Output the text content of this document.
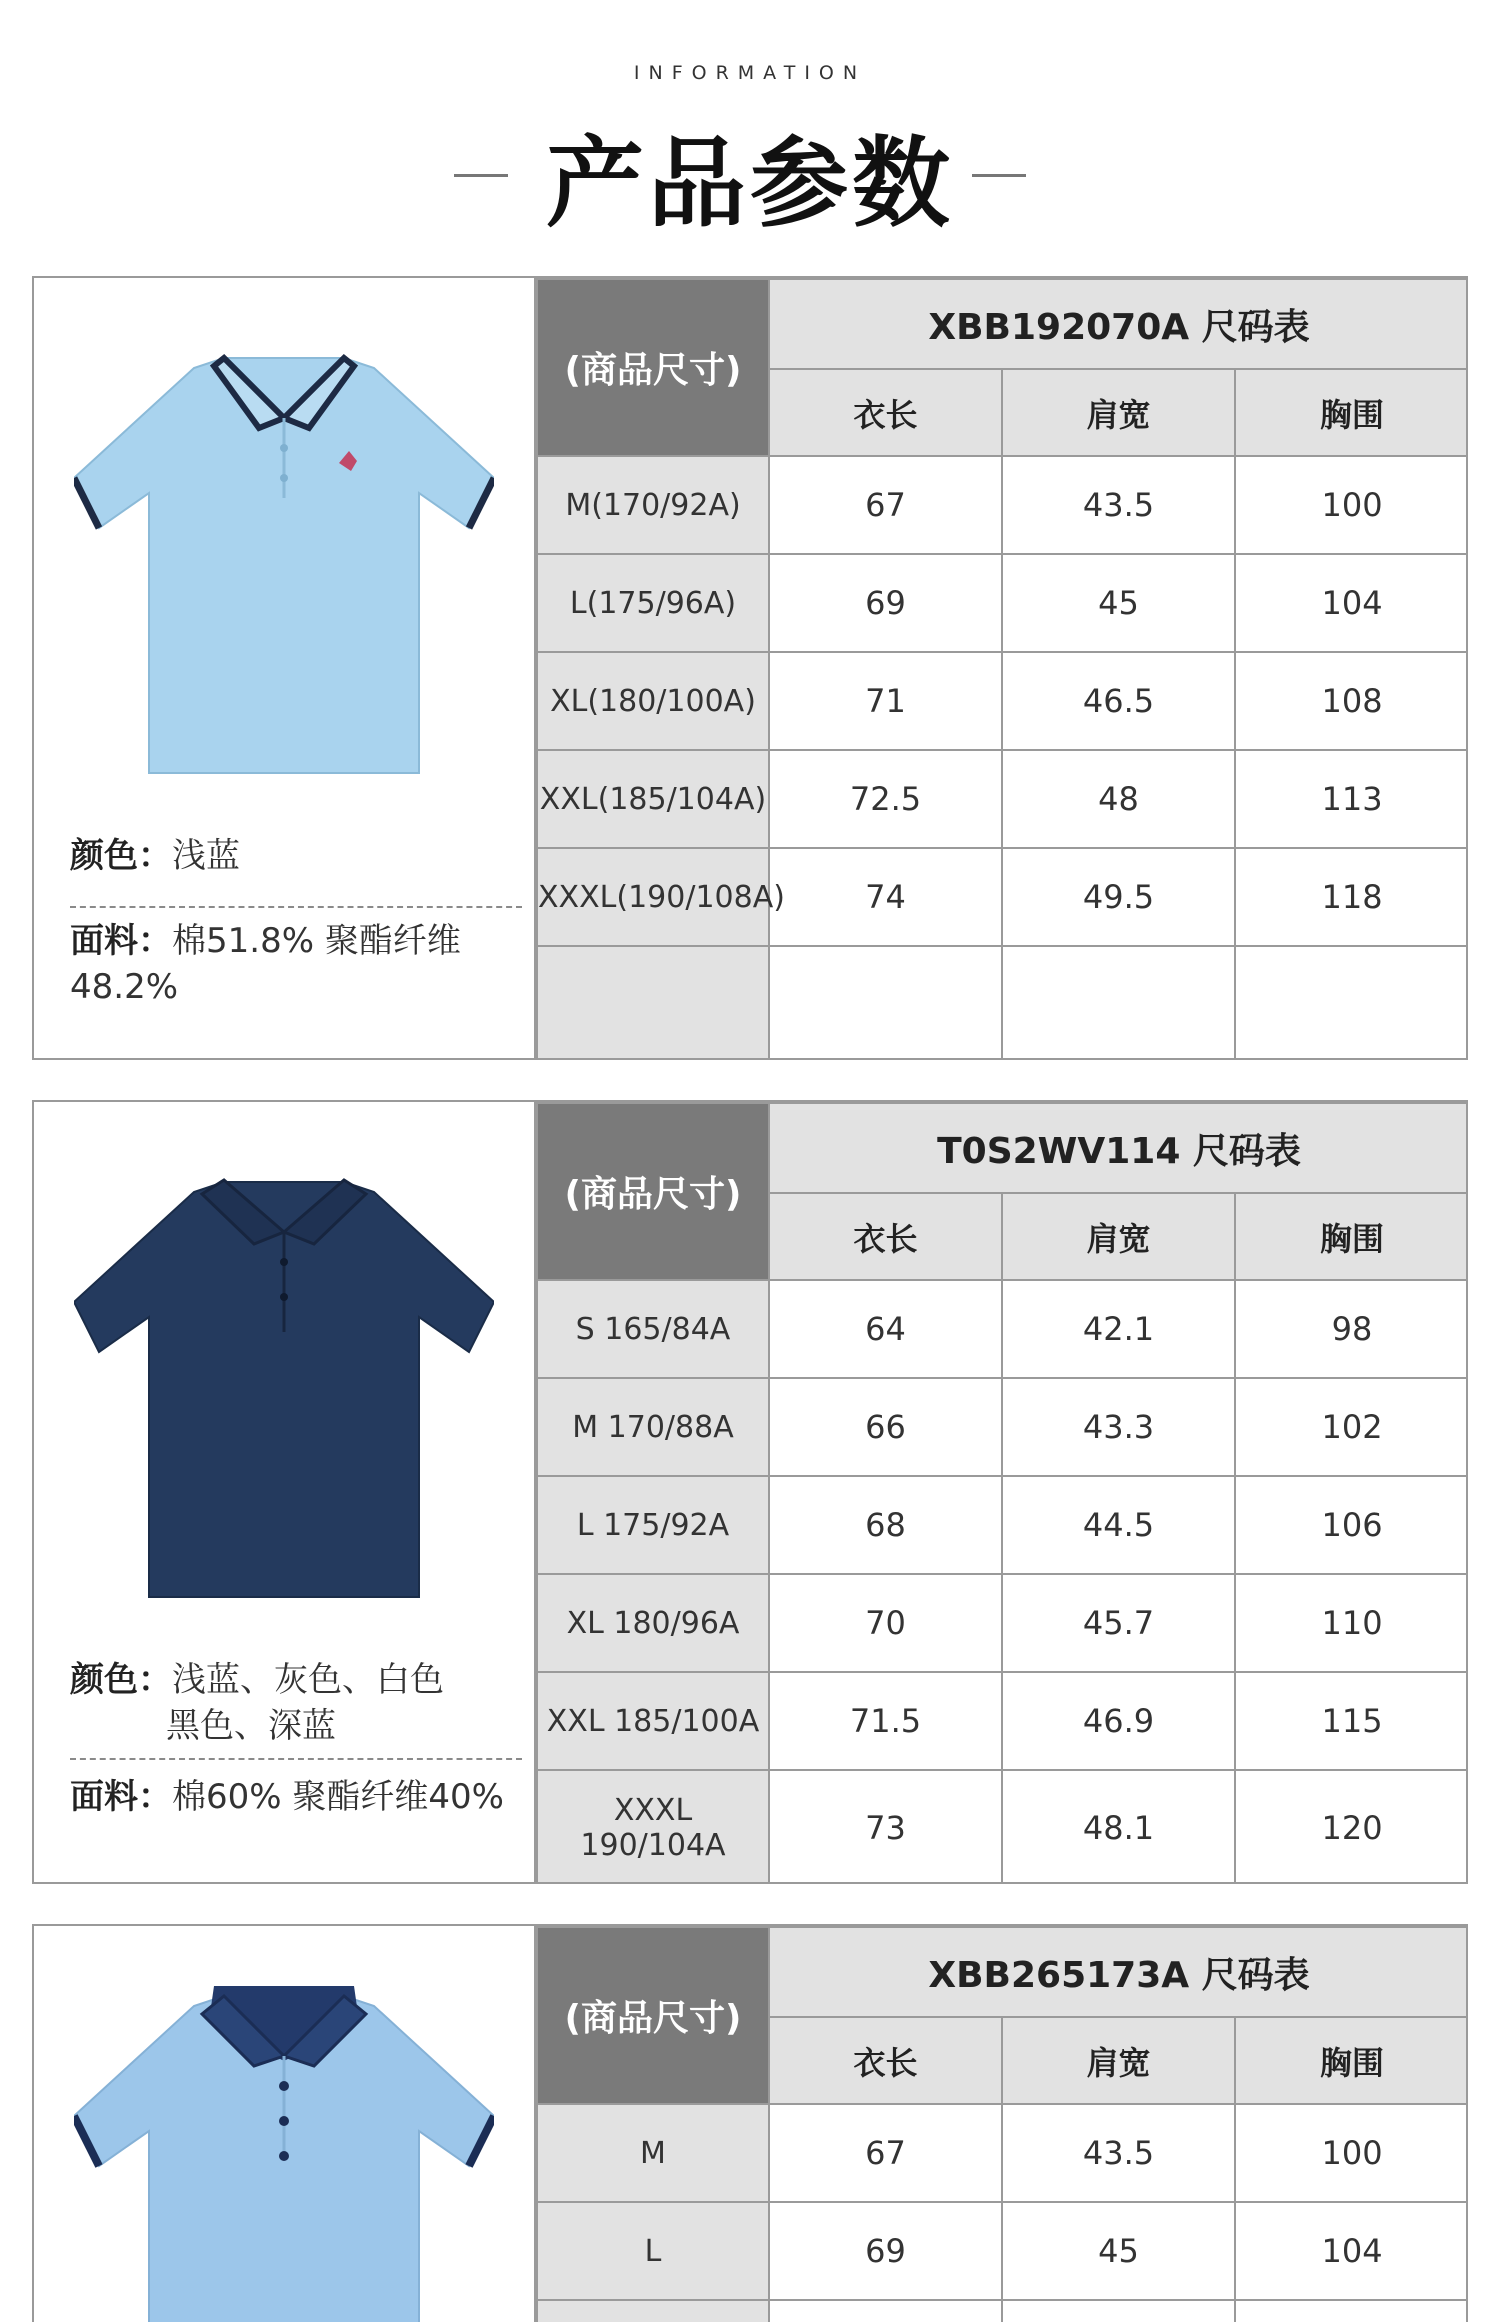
INFORMATION
产品参数
颜色：浅蓝
面料：棉51.8% 聚酯纤维48.2%
(商品尺寸)	XBB192070A 尺码表		
	衣长	肩宽	胸围
M(170/92A)	67	43.5	100
L(175/96A)	69	45	104
XL(180/100A)	71	46.5	108
XXL(185/104A)	72.5	48	113
XXXL(190/108A)	74	49.5	118

颜色：浅蓝、灰色、白色
黑色、深蓝
面料：棉60% 聚酯纤维40%
(商品尺寸)	T0S2WV114 尺码表		
	衣长	肩宽	胸围
S 165/84A	64	42.1	98
M 170/88A	66	43.3	102
L 175/92A	68	44.5	106
XL 180/96A	70	45.7	110
XXL 185/100A	71.5	46.9	115
XXXL 190/104A	73	48.1	120
(商品尺寸)	XBB265173A 尺码表		
	衣长	肩宽	胸围
M	67	43.5	100
L	69	45	104
